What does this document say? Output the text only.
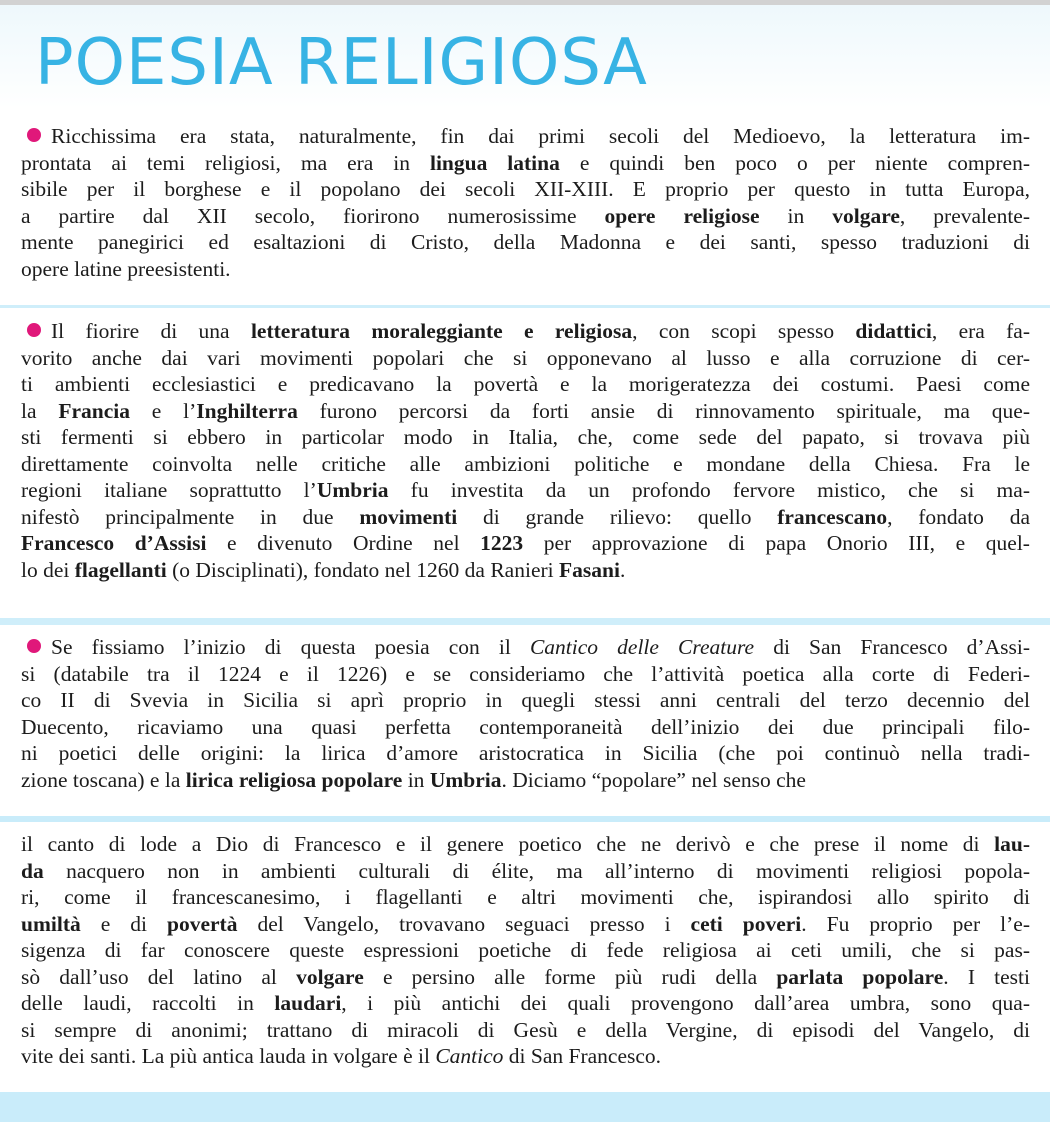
POESIA RELIGIOSA
Ricchissima era stata, naturalmente, fin dai primi secoli del Medioevo, la letteratura im-
prontata ai temi religiosi, ma era in lingua latina e quindi ben poco o per niente compren-
sibile per il borghese e il popolano dei secoli XII-XIII. E proprio per questo in tutta Europa,
a partire dal XII secolo, fiorirono numerosissime opere religiose in volgare, prevalente-
mente panegirici ed esaltazioni di Cristo, della Madonna e dei santi, spesso traduzioni di
opere latine preesistenti.
Il fiorire di una letteratura moraleggiante e religiosa, con scopi spesso didattici, era fa-
vorito anche dai vari movimenti popolari che si opponevano al lusso e alla corruzione di cer-
ti ambienti ecclesiastici e predicavano la povertà e la morigeratezza dei costumi. Paesi come
la Francia e l’Inghilterra furono percorsi da forti ansie di rinnovamento spirituale, ma que-
sti fermenti si ebbero in particolar modo in Italia, che, come sede del papato, si trovava più
direttamente coinvolta nelle critiche alle ambizioni politiche e mondane della Chiesa. Fra le
regioni italiane soprattutto l’Umbria fu investita da un profondo fervore mistico, che si ma-
nifestò principalmente in due movimenti di grande rilievo: quello francescano, fondato da
Francesco d’Assisi e divenuto Ordine nel 1223 per approvazione di papa Onorio III, e quel-
lo dei flagellanti (o Disciplinati), fondato nel 1260 da Ranieri Fasani.
Se fissiamo l’inizio di questa poesia con il Cantico delle Creature di San Francesco d’Assi-
si (databile tra il 1224 e il 1226) e se consideriamo che l’attività poetica alla corte di Federi-
co II di Svevia in Sicilia si aprì proprio in quegli stessi anni centrali del terzo decennio del
Duecento, ricaviamo una quasi perfetta contemporaneità dell’inizio dei due principali filo-
ni poetici delle origini: la lirica d’amore aristocratica in Sicilia (che poi continuò nella tradi-
zione toscana) e la lirica religiosa popolare in Umbria. Diciamo “popolare” nel senso che
il canto di lode a Dio di Francesco e il genere poetico che ne derivò e che prese il nome di lau-
da nacquero non in ambienti culturali di élite, ma all’interno di movimenti religiosi popola-
ri, come il francescanesimo, i flagellanti e altri movimenti che, ispirandosi allo spirito di
umiltà e di povertà del Vangelo, trovavano seguaci presso i ceti poveri. Fu proprio per l’e-
sigenza di far conoscere queste espressioni poetiche di fede religiosa ai ceti umili, che si pas-
sò dall’uso del latino al volgare e persino alle forme più rudi della parlata popolare. I testi
delle laudi, raccolti in laudari, i più antichi dei quali provengono dall’area umbra, sono qua-
si sempre di anonimi; trattano di miracoli di Gesù e della Vergine, di episodi del Vangelo, di
vite dei santi. La più antica lauda in volgare è il Cantico di San Francesco.
